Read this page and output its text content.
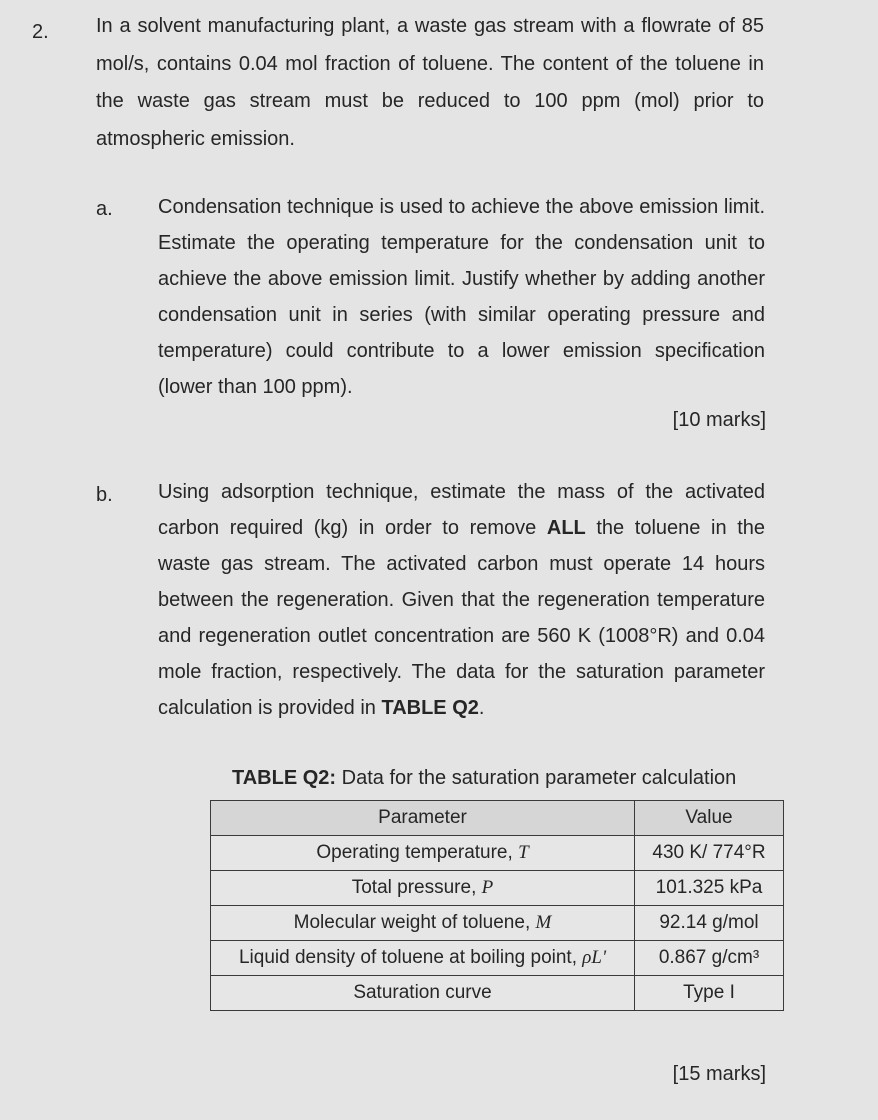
2. In a solvent manufacturing plant, a waste gas stream with a flowrate of 85 mol/s, contains 0.04 mol fraction of toluene. The content of the toluene in the waste gas stream must be reduced to 100 ppm (mol) prior to atmospheric emission.

a. Condensation technique is used to achieve the above emission limit. Estimate the operating temperature for the condensation unit to achieve the above emission limit. Justify whether by adding another condensation unit in series (with similar operating pressure and temperature) could contribute to a lower emission specification (lower than 100 ppm).

[10 marks]
b. Using adsorption technique, estimate the mass of the activated carbon required (kg) in order to remove ALL the toluene in the waste gas stream. The activated carbon must operate 14 hours between the regeneration. Given that the regeneration temperature and regeneration outlet concentration are 560 K (1008°R) and 0.04 mole fraction, respectively. The data for the saturation parameter calculation is provided in TABLE Q2.

TABLE Q2: Data for the saturation parameter calculation
Parameter	Value
Operating temperature, T	430 K/ 774°R
Total pressure, P	101.325 kPa
Molecular weight of toluene, M	92.14 g/mol
Liquid density of toluene at boiling point, ρL'	0.867 g/cm³
Saturation curve	Type I
[15 marks]
